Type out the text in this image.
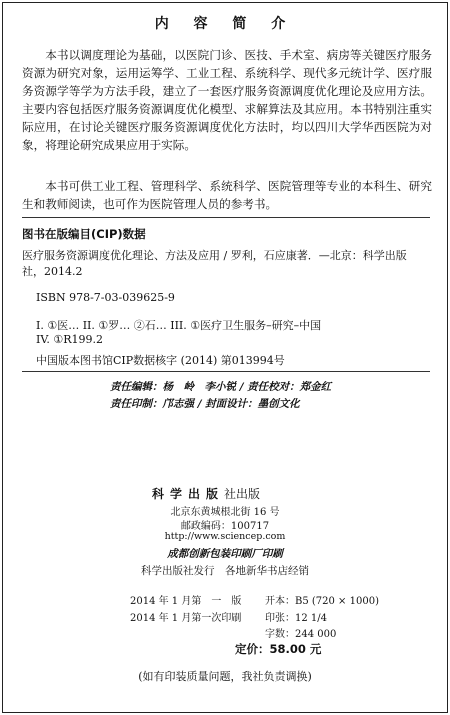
内 容 简 介

本书以调度理论为基础，以医院门诊、医技、手术室、病房等关键医疗服务资源为研究对象，运用运筹学、工业工程、系统科学、现代多元统计学、医疗服务资源学等学为方法手段，建立了一套医疗服务资源调度优化理论及应用方法。主要内容包括医疗服务资源调度优化模型、求解算法及其应用。本书特别注重实际应用，在讨论关键医疗服务资源调度优化方法时，均以四川大学华西医院为对象，将理论研究成果应用于实际。

本书可供工业工程、管理科学、系统科学、医院管理等专业的本科生、研究生和教师阅读，也可作为医院管理人员的参考书。

图书在版编目(CIP)数据

医疗服务资源调度优化理论、方法及应用 / 罗利，石应康著．—北京：科学出版社，2014.2

ISBN 978-7-03-039625-9
I. ①医… II. ①罗… ②石… III. ①医疗卫生服务–研究–中国
IV. ①R199.2
中国版本图书馆CIP数据核字 (2014) 第013994号
责任编辑：杨　岭　李小锐 / 责任校对：郑金红
责任印制：邝志强 / 封面设计：墨创文化
科学出版社出版
北京东黄城根北街 16 号
邮政编码：100717
http://www.sciencep.com
成都创新包装印刷厂印刷
科学出版社发行　各地新华书店经销
2014 年 1 月第　一　版 开本：B5 (720 × 1000)
2014 年 1 月第一次印刷 印张：12 1/4
字数：244 000
定价：58.00 元
(如有印装质量问题，我社负责调换)
